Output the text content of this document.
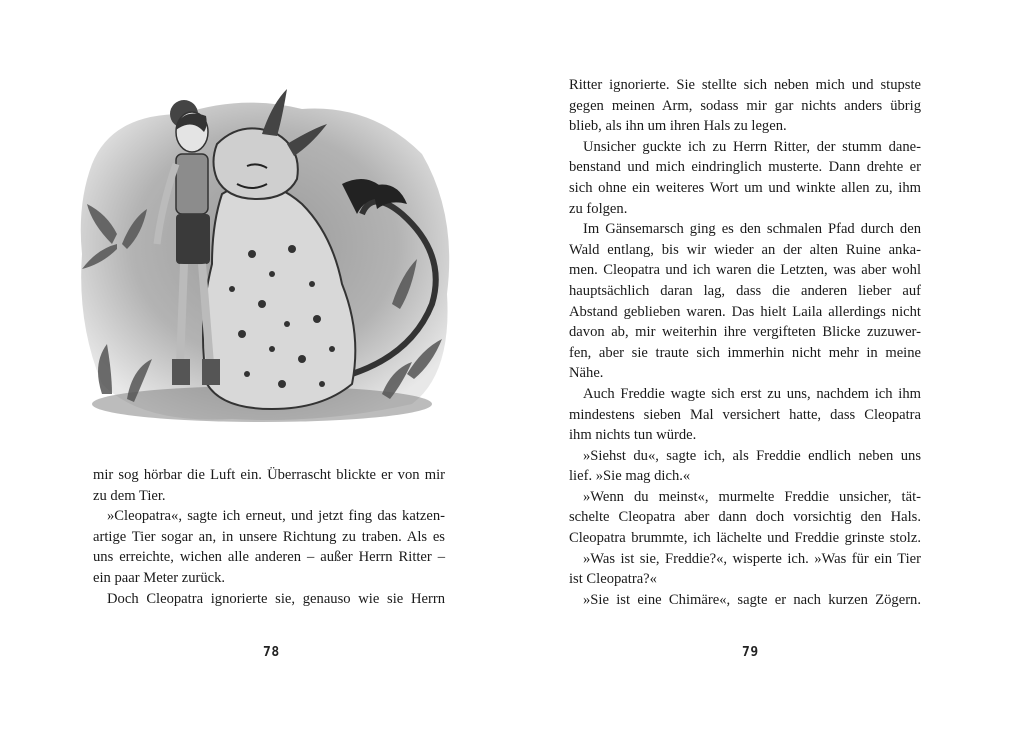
mir sog hörbar die Luft ein. Überrascht blickte er von mir
zu dem Tier.
»Cleopatra«, sagte ich erneut, und jetzt fing das katzen-
artige Tier sogar an, in unsere Richtung zu traben. Als es
uns erreichte, wichen alle anderen – außer Herrn Ritter –
ein paar Meter zurück.
Doch Cleopatra ignorierte sie, genauso wie sie Herrn
78
Ritter ignorierte. Sie stellte sich neben mich und stupste
gegen meinen Arm, sodass mir gar nichts anders übrig
blieb, als ihn um ihren Hals zu legen.
Unsicher guckte ich zu Herrn Ritter, der stumm dane-
benstand und mich eindringlich musterte. Dann drehte er
sich ohne ein weiteres Wort um und winkte allen zu, ihm
zu folgen.
Im Gänsemarsch ging es den schmalen Pfad durch den
Wald entlang, bis wir wieder an der alten Ruine anka-
men. Cleopatra und ich waren die Letzten, was aber wohl
hauptsächlich daran lag, dass die anderen lieber auf
Abstand geblieben waren. Das hielt Laila allerdings nicht
davon ab, mir weiterhin ihre vergifteten Blicke zuzuwer-
fen, aber sie traute sich immerhin nicht mehr in meine
Nähe.
Auch Freddie wagte sich erst zu uns, nachdem ich ihm
mindestens sieben Mal versichert hatte, dass Cleopatra
ihm nichts tun würde.
»Siehst du«, sagte ich, als Freddie endlich neben uns
lief. »Sie mag dich.«
»Wenn du meinst«, murmelte Freddie unsicher, tät-
schelte Cleopatra aber dann doch vorsichtig den Hals.
Cleopatra brummte, ich lächelte und Freddie grinste stolz.
»Was ist sie, Freddie?«, wisperte ich. »Was für ein Tier
ist Cleopatra?«
»Sie ist eine Chimäre«, sagte er nach kurzen Zögern.
79
